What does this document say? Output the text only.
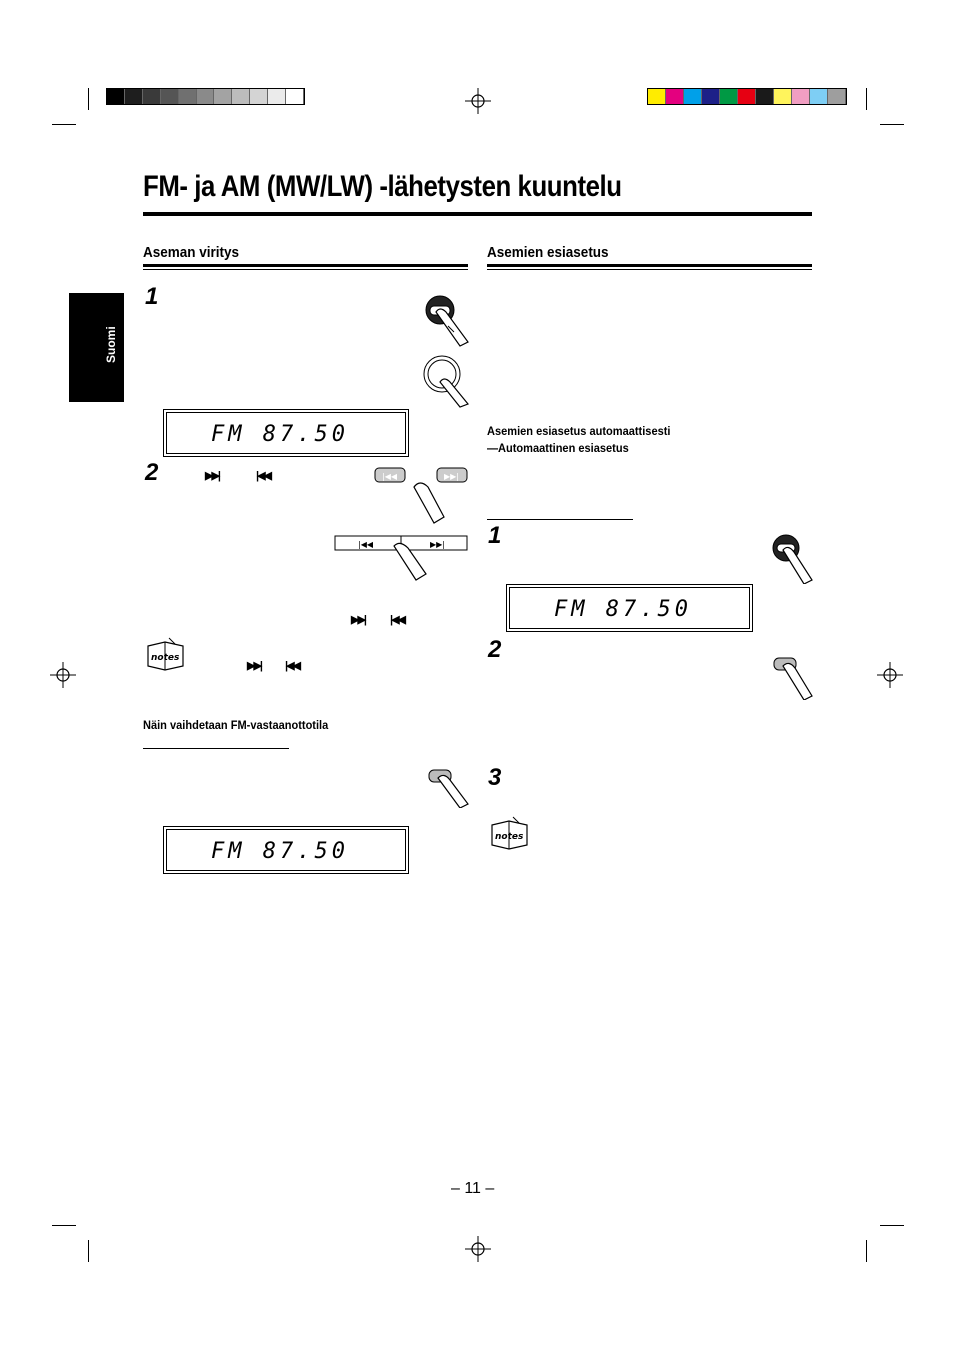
FM- ja AM (MW/LW) -lähetysten kuuntelu
Suomi
Aseman viritys
1
FM 87.50
2	▶▶|	|◀◀	|◀◀	▶▶|
|◀◀	▶▶|
▶▶| |◀◀
notes
▶▶| |◀◀
Näin vaihdetaan FM-vastaanottotila
FM 87.50
Asemien esiasetus
Asemien esiasetus automaattisesti
—Automaattinen esiasetus
1
FM 87.50
2
3
notes
– 11 –
